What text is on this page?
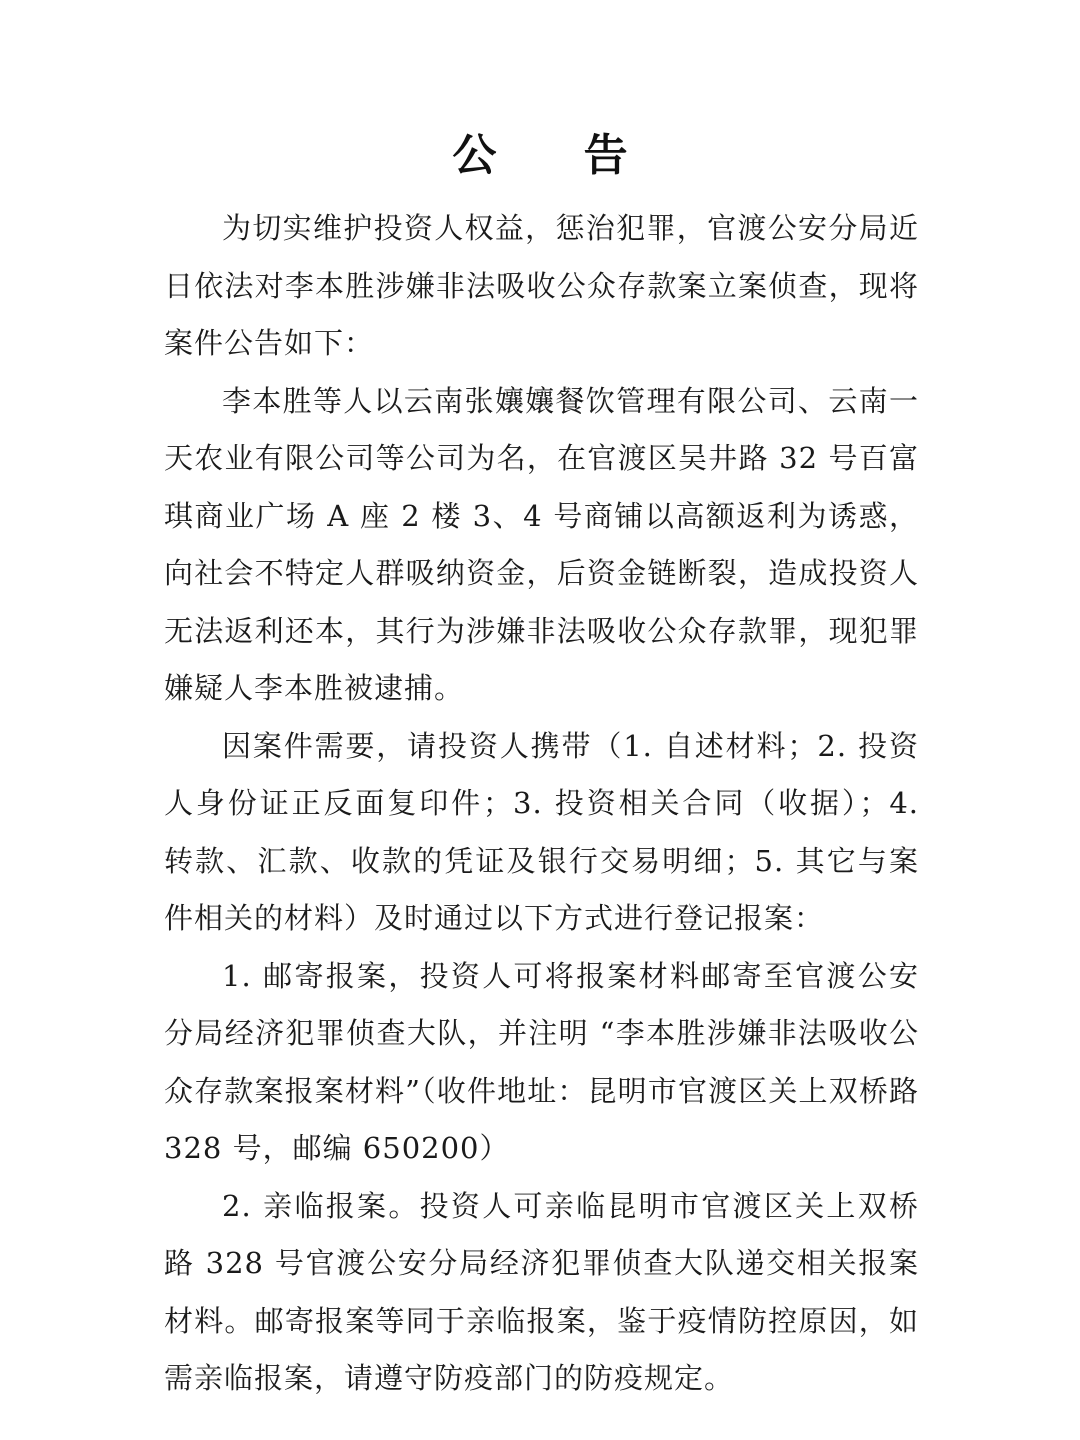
公 告

为切实维护投资人权益，惩治犯罪，官渡公安分局近日依法对李本胜涉嫌非法吸收公众存款案立案侦查，现将案件公告如下：

李本胜等人以云南张孃孃餐饮管理有限公司、云南一天农业有限公司等公司为名，在官渡区吴井路 32 号百富琪商业广场 A 座 2 楼 3、4 号商铺以高额返利为诱惑，向社会不特定人群吸纳资金，后资金链断裂，造成投资人无法返利还本，其行为涉嫌非法吸收公众存款罪，现犯罪嫌疑人李本胜被逮捕。

因案件需要，请投资人携带（1. 自述材料；2. 投资人身份证正反面复印件；3. 投资相关合同（收据）；4. 转款、汇款、收款的凭证及银行交易明细；5. 其它与案件相关的材料）及时通过以下方式进行登记报案：

1. 邮寄报案，投资人可将报案材料邮寄至官渡公安分局经济犯罪侦查大队，并注明 “李本胜涉嫌非法吸收公众存款案报案材料”（收件地址：昆明市官渡区关上双桥路 328 号，邮编 650200）

2. 亲临报案。投资人可亲临昆明市官渡区关上双桥路 328 号官渡公安分局经济犯罪侦查大队递交相关报案材料。邮寄报案等同于亲临报案，鉴于疫情防控原因，如需亲临报案，请遵守防疫部门的防疫规定。
